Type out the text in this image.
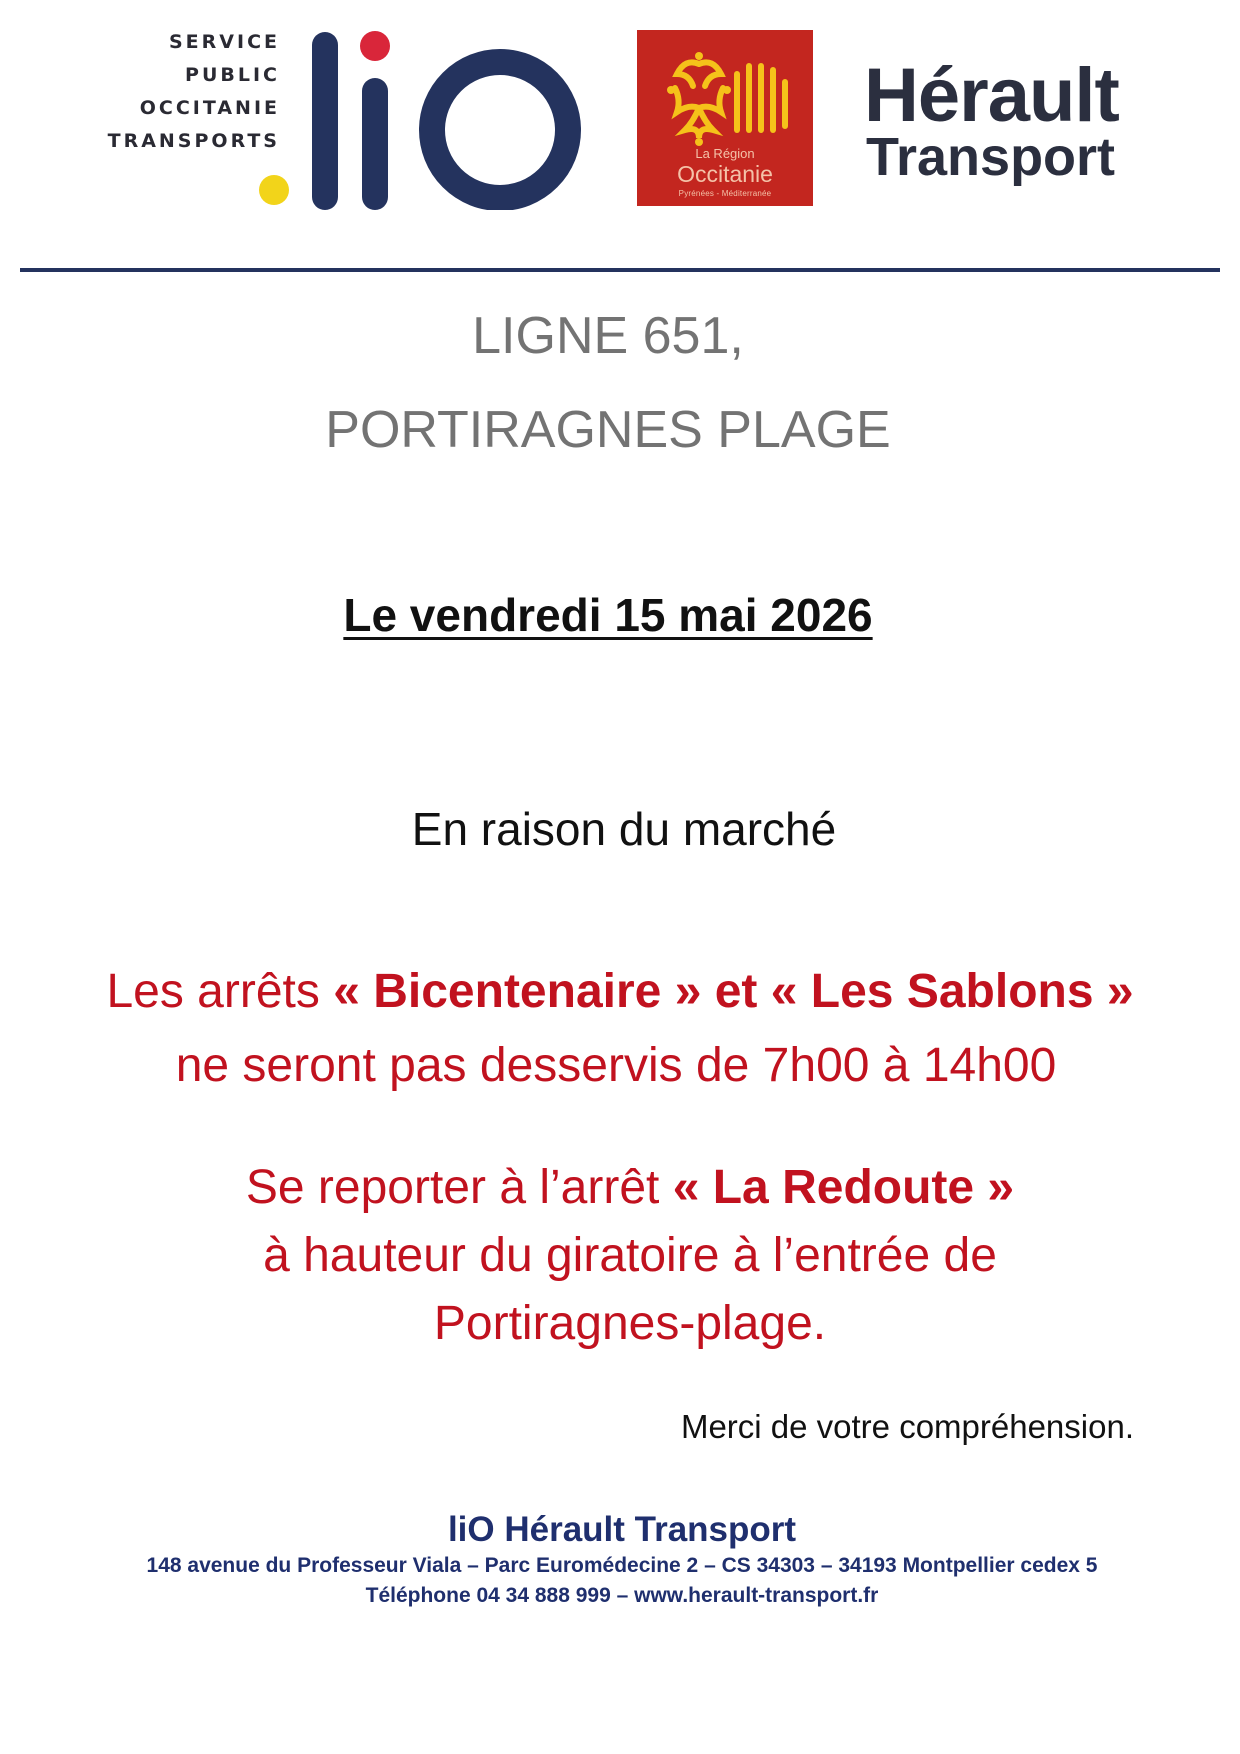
SERVICE
PUBLIC
OCCITANIE
TRANSPORTS
La Région
Occitanie
Pyrénées - Méditerranée
Hérault
Transport
LIGNE 651,
PORTIRAGNES PLAGE
Le vendredi 15 mai 2026
En raison du marché
Les arrêts « Bicentenaire » et « Les Sablons »
ne seront pas desservis de 7h00 à 14h00
Se reporter à l’arrêt « La Redoute »
à hauteur du giratoire à l’entrée de
Portiragnes-plage.
Merci de votre compréhension.
liO Hérault Transport
148 avenue du Professeur Viala – Parc Euromédecine 2 – CS 34303 – 34193 Montpellier cedex 5
Téléphone 04 34 888 999 – www.herault-transport.fr
